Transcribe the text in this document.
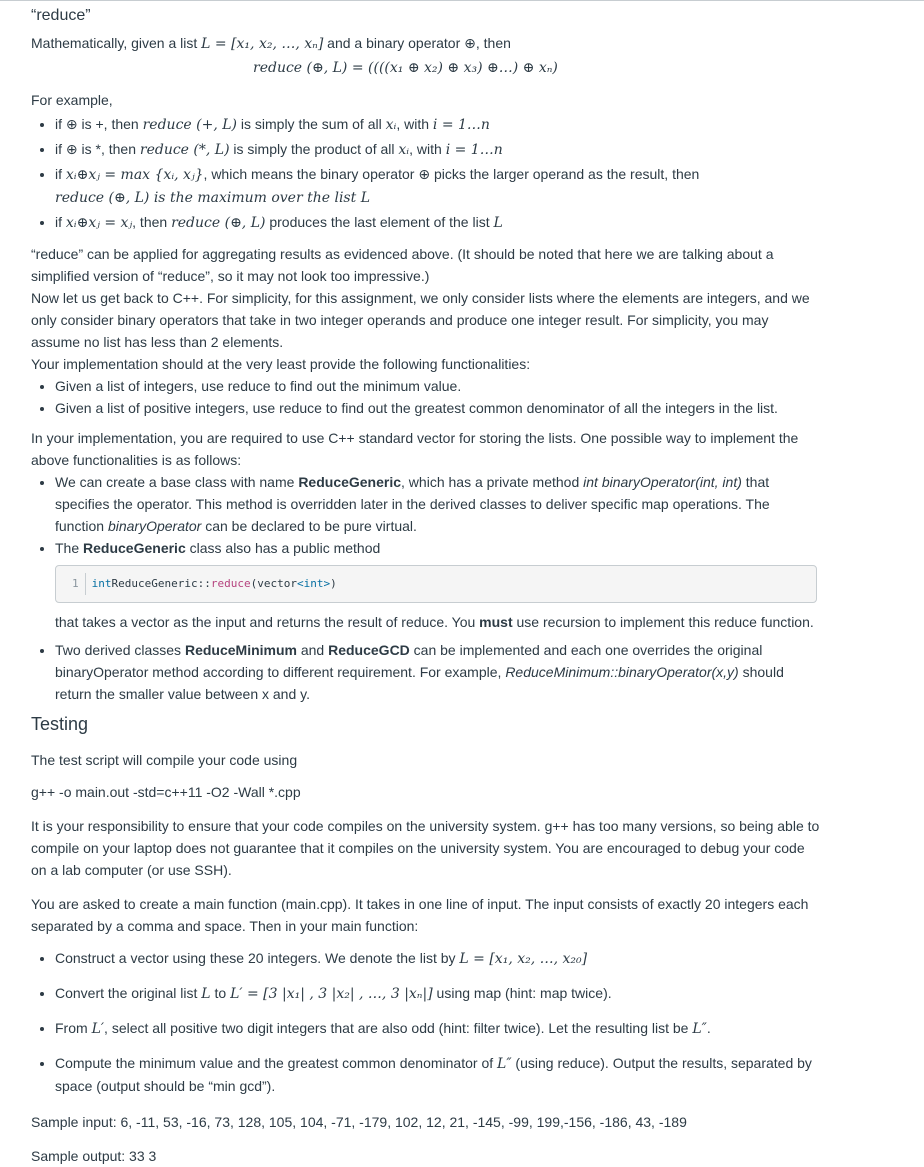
“reduce”

Mathematically, given a list L = [x₁, x₂, …, xₙ] and a binary operator ⊕, then

reduce (⊕, L) = ((((x₁ ⊕ x₂) ⊕ x₃) ⊕…) ⊕ xₙ)

For example,

• if ⊕ is +, then reduce (+, L) is simply the sum of all xᵢ, with i = 1…n
• if ⊕ is *, then reduce (*, L) is simply the product of all xᵢ, with i = 1…n
• if xᵢ⊕xⱼ = max {xᵢ, xⱼ}, which means the binary operator ⊕ picks the larger operand as the result, then
reduce (⊕, L) is the maximum over the list L
• if xᵢ⊕xⱼ = xⱼ, then reduce (⊕, L) produces the last element of the list L

“reduce” can be applied for aggregating results as evidenced above. (It should be noted that here we are talking about a simplified version of “reduce”, so it may not look too impressive.)

Now let us get back to C++. For simplicity, for this assignment, we only consider lists where the elements are integers, and we only consider binary operators that take in two integer operands and produce one integer result. For simplicity, you may assume no list has less than 2 elements.

Your implementation should at the very least provide the following functionalities:

• Given a list of integers, use reduce to find out the minimum value.
• Given a list of positive integers, use reduce to find out the greatest common denominator of all the integers in the list.

In your implementation, you are required to use C++ standard vector for storing the lists. One possible way to implement the above functionalities is as follows:

• We can create a base class with name ReduceGeneric, which has a private method int binaryOperator(int, int) that specifies the operator. This method is overridden later in the derived classes to deliver specific map operations. The function binaryOperator can be declared to be pure virtual.
• The ReduceGeneric class also has a public method
1	int ReduceGeneric:: reduce (vector <int> )
that takes a vector as the input and returns the result of reduce. You must use recursion to implement this reduce function.
• Two derived classes ReduceMinimum and ReduceGCD can be implemented and each one overrides the original binaryOperator method according to different requirement. For example, ReduceMinimum::binaryOperator(x,y) should return the smaller value between x and y.
Testing

The test script will compile your code using

g++ -o main.out -std=c++11 -O2 -Wall *.cpp

It is your responsibility to ensure that your code compiles on the university system. g++ has too many versions, so being able to compile on your laptop does not guarantee that it compiles on the university system. You are encouraged to debug your code on a lab computer (or use SSH).

You are asked to create a main function (main.cpp). It takes in one line of input. The input consists of exactly 20 integers each separated by a comma and space. Then in your main function:

• Construct a vector using these 20 integers. We denote the list by L = [x₁, x₂, …, x₂₀]
• Convert the original list L to L′ = [3 |x₁| , 3 |x₂| , …, 3 |xₙ|] using map (hint: map twice).
• From L′, select all positive two digit integers that are also odd (hint: filter twice). Let the resulting list be L″.
• Compute the minimum value and the greatest common denominator of L″ (using reduce). Output the results, separated by space (output should be “min gcd”).

Sample input: 6, -11, 53, -16, 73, 128, 105, 104, -71, -179, 102, 12, 21, -145, -99, 199,-156, -186, 43, -189

Sample output: 33 3
